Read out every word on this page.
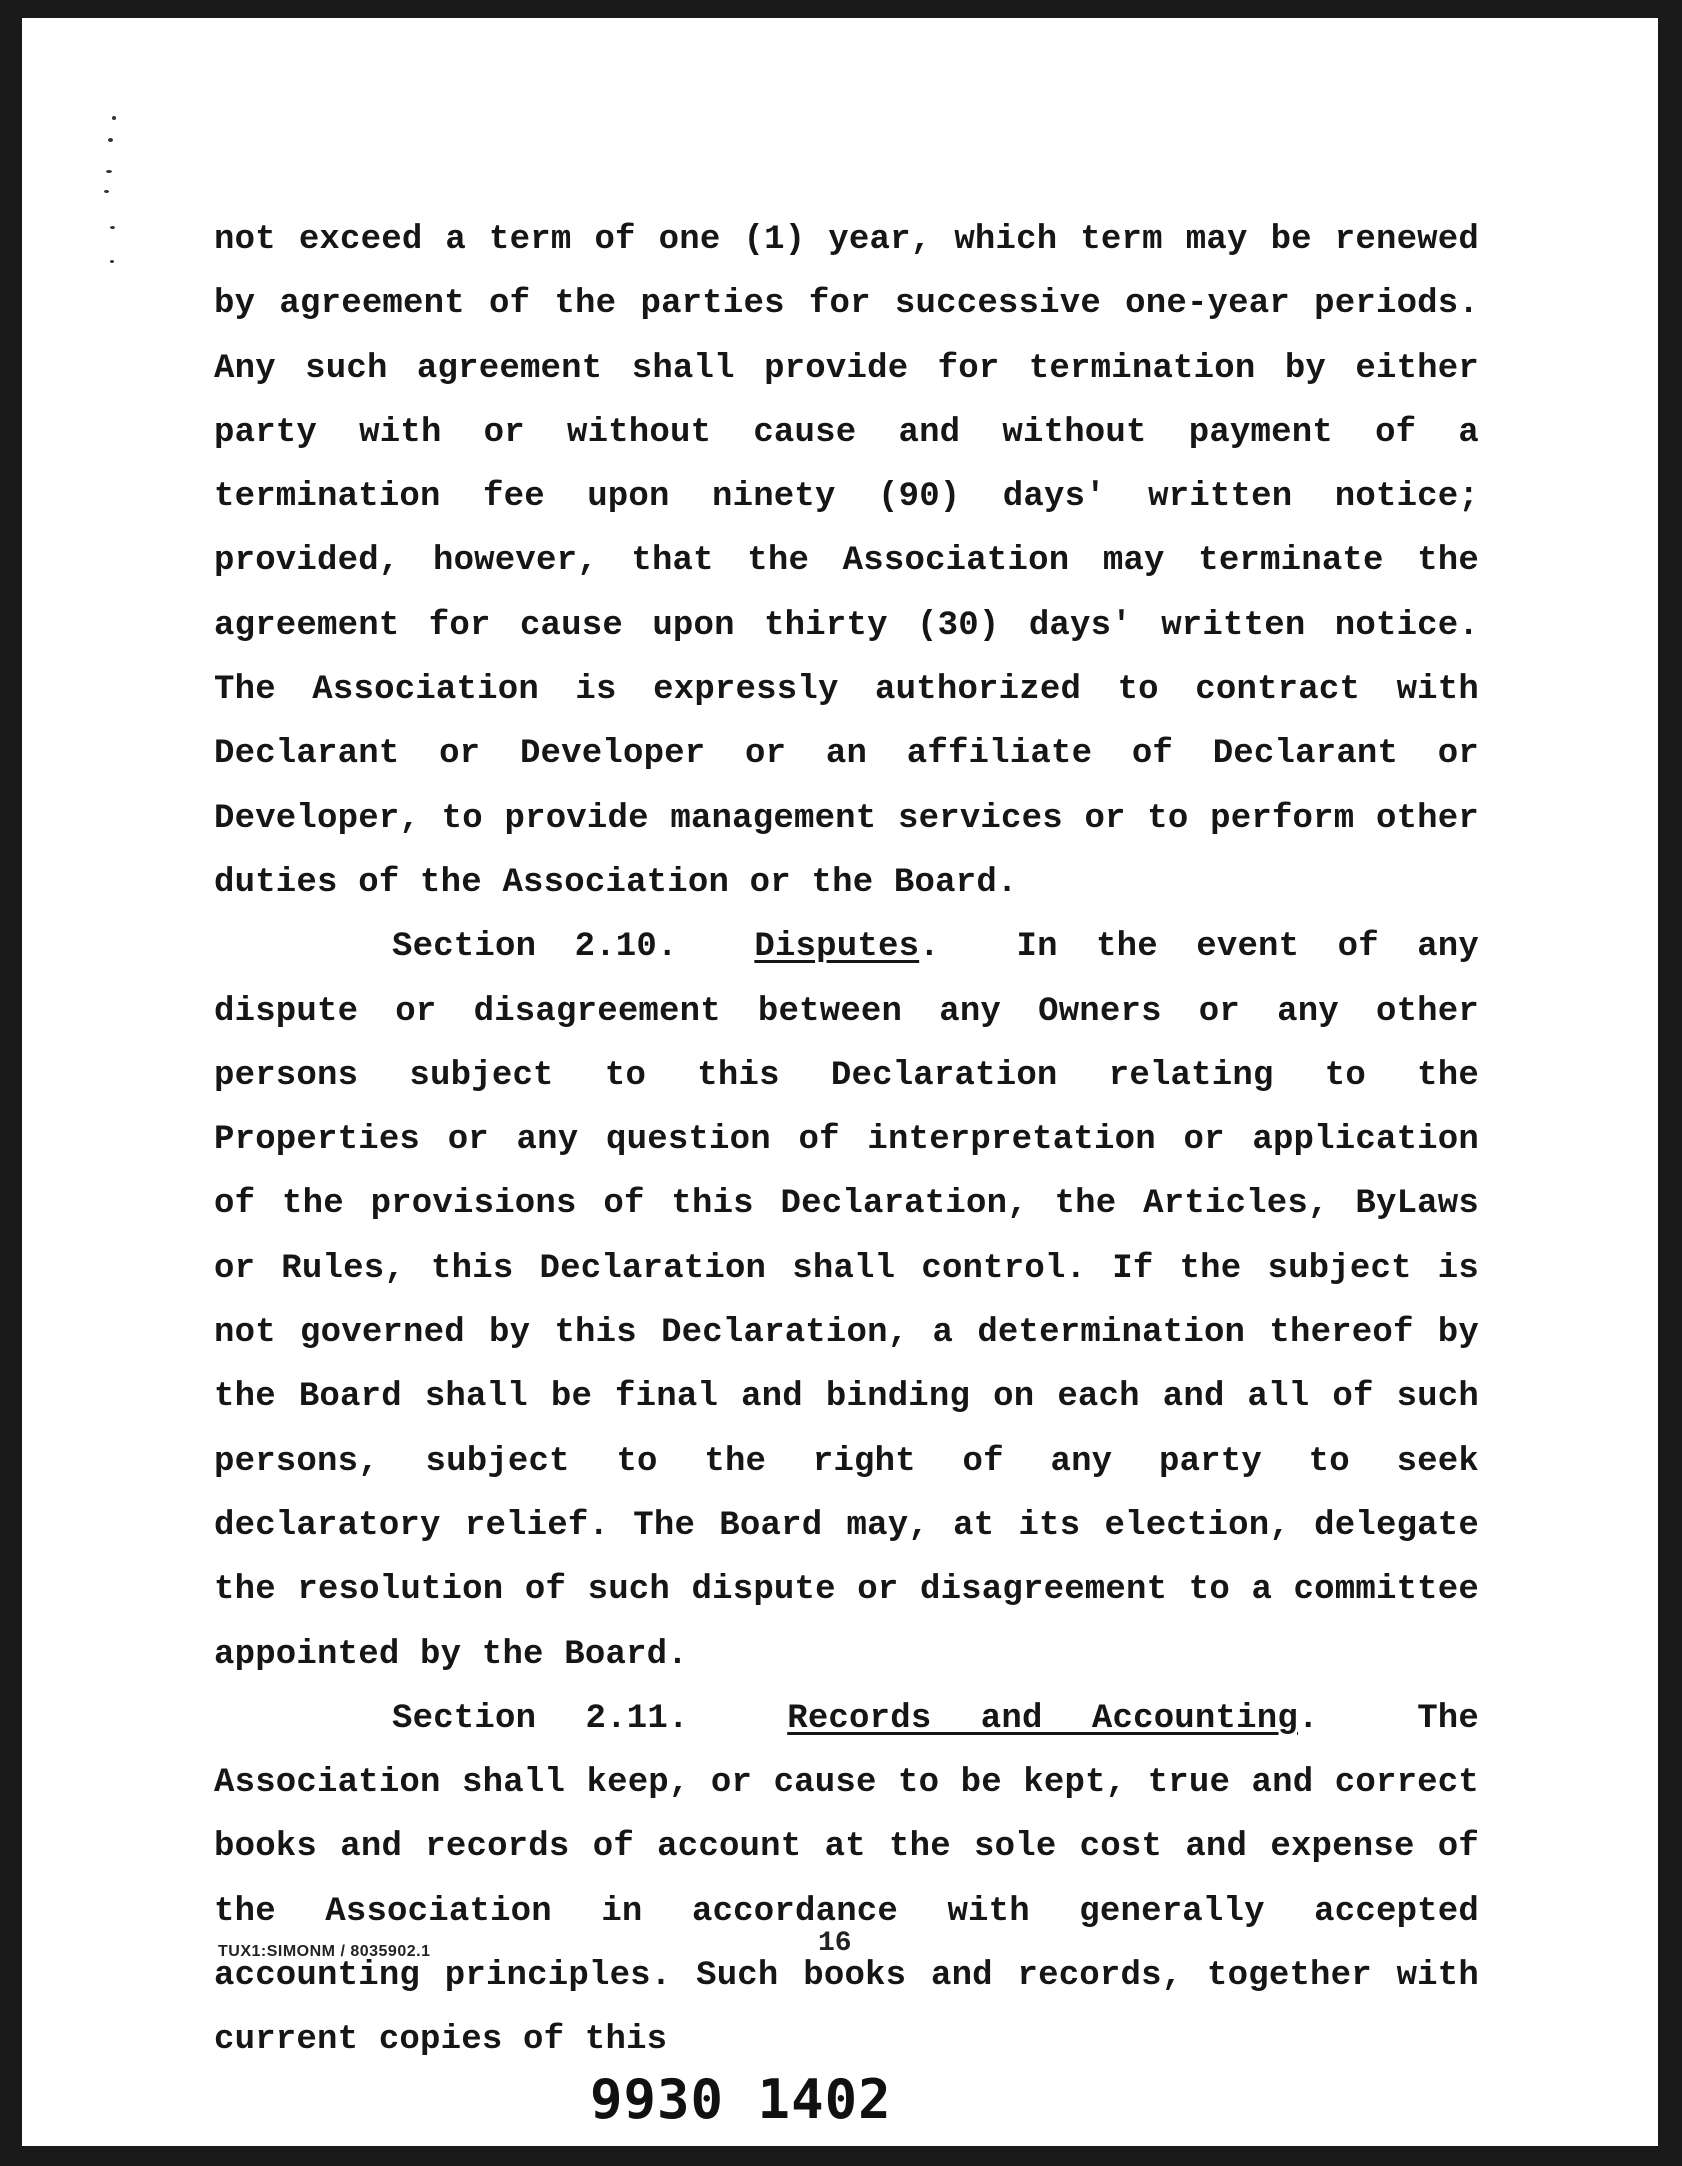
not exceed a term of one (1) year, which term may be renewed by agreement of the parties for successive one-year periods. Any such agreement shall provide for termination by either party with or without cause and without payment of a termination fee upon ninety (90) days' written notice; provided, however, that the Association may terminate the agreement for cause upon thirty (30) days' written notice. The Association is expressly authorized to contract with Declarant or Developer or an affiliate of Declarant or Developer, to provide management services or to perform other duties of the Association or the Board.

Section 2.10. Disputes.  In the event of any dispute or disagreement between any Owners or any other persons subject to this Declaration relating to the Properties or any question of interpretation or application of the provisions of this Declaration, the Articles, ByLaws or Rules, this Declaration shall control. If the subject is not governed by this Declaration, a determination thereof by the Board shall be final and binding on each and all of such persons, subject to the right of any party to seek declaratory relief. The Board may, at its election, delegate the resolution of such dispute or disagreement to a committee appointed by the Board.

Section 2.11.	Records and Accounting.  The Association shall keep, or cause to be kept, true and correct books and records of account at the sole cost and expense of the Association in accordance with generally accepted accounting principles. Such books and records, together with current copies of this

TUX1:SIMONM / 8035902.1	16
9930 1402
